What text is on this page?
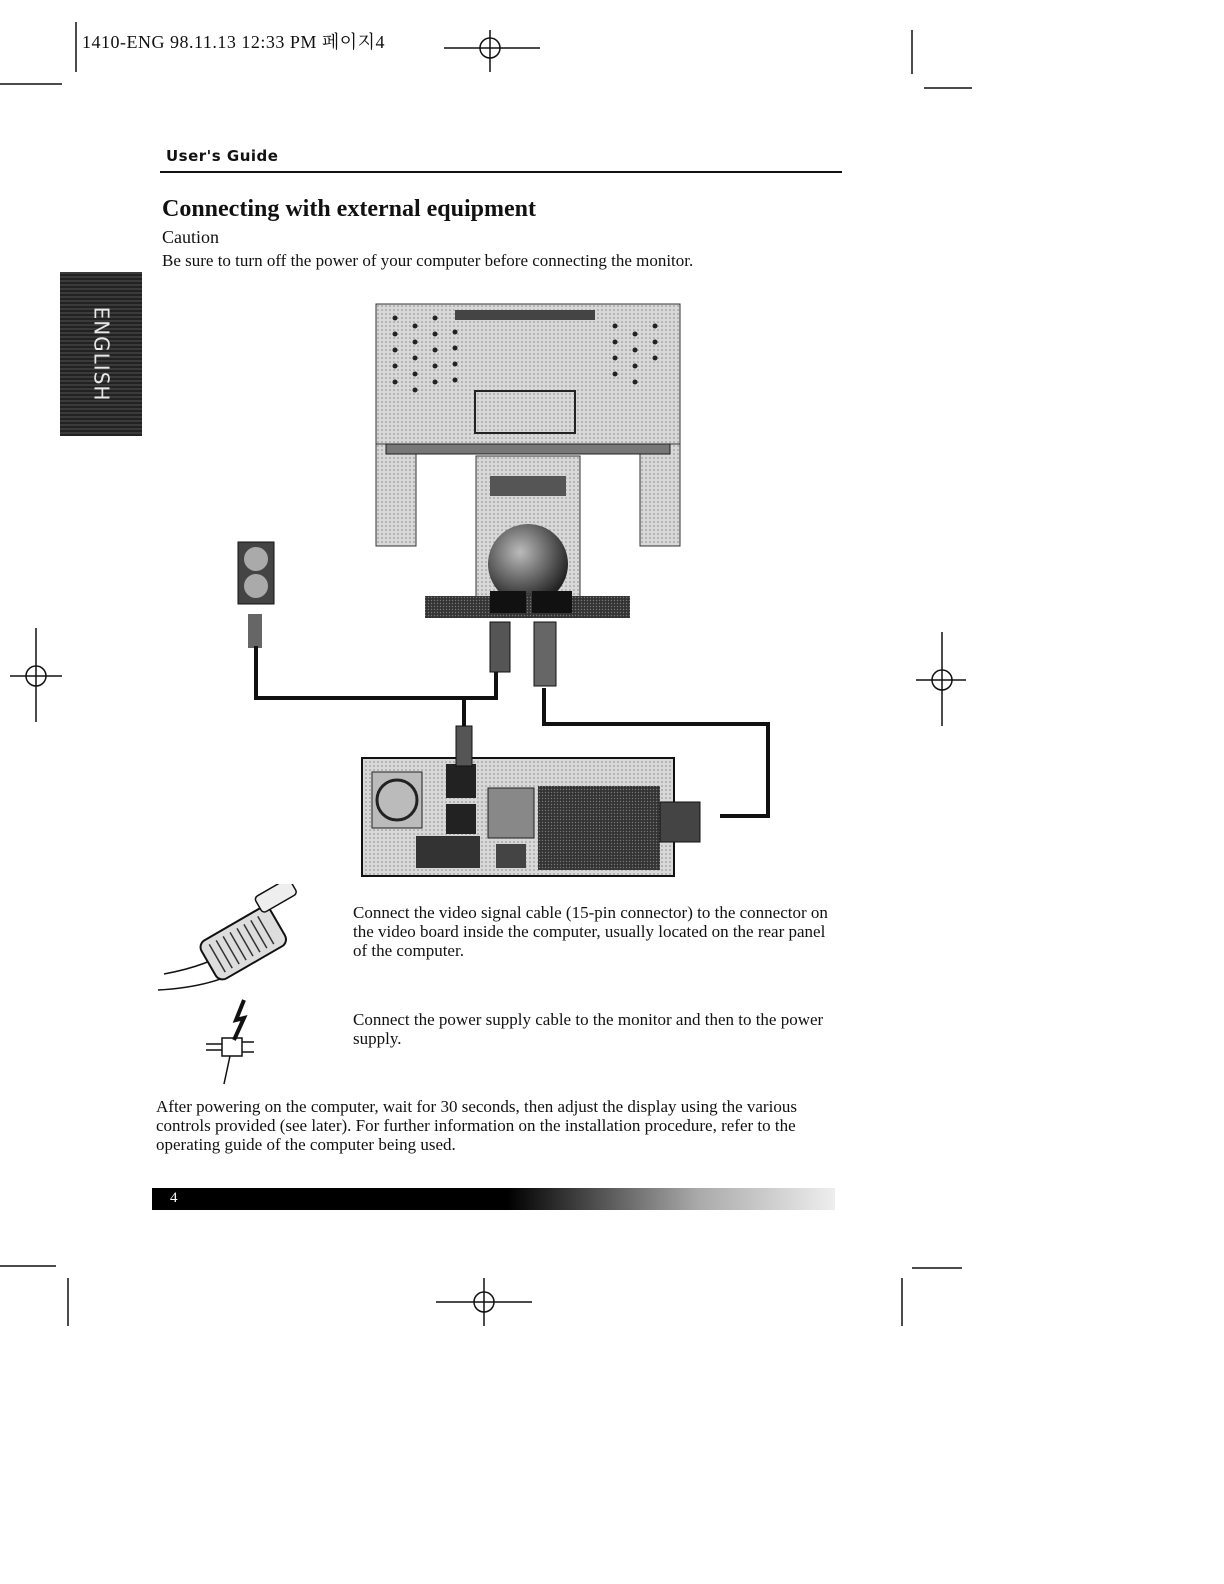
1410-ENG 98.11.13 12:33 PM 페이지4
User's Guide
Connecting with external equipment
Caution
Be sure to turn off the power of your computer before connecting the monitor.
ENGLISH
Connect the video signal cable (15-pin connector) to the connector on the video board inside the computer, usually located on the rear panel of the computer.
Connect the power supply cable to the monitor and then to the power supply.
After powering on the computer, wait for 30 seconds, then adjust the display using the various controls provided (see later). For further information on the installation procedure, refer to the operating guide of the computer being used.
4
